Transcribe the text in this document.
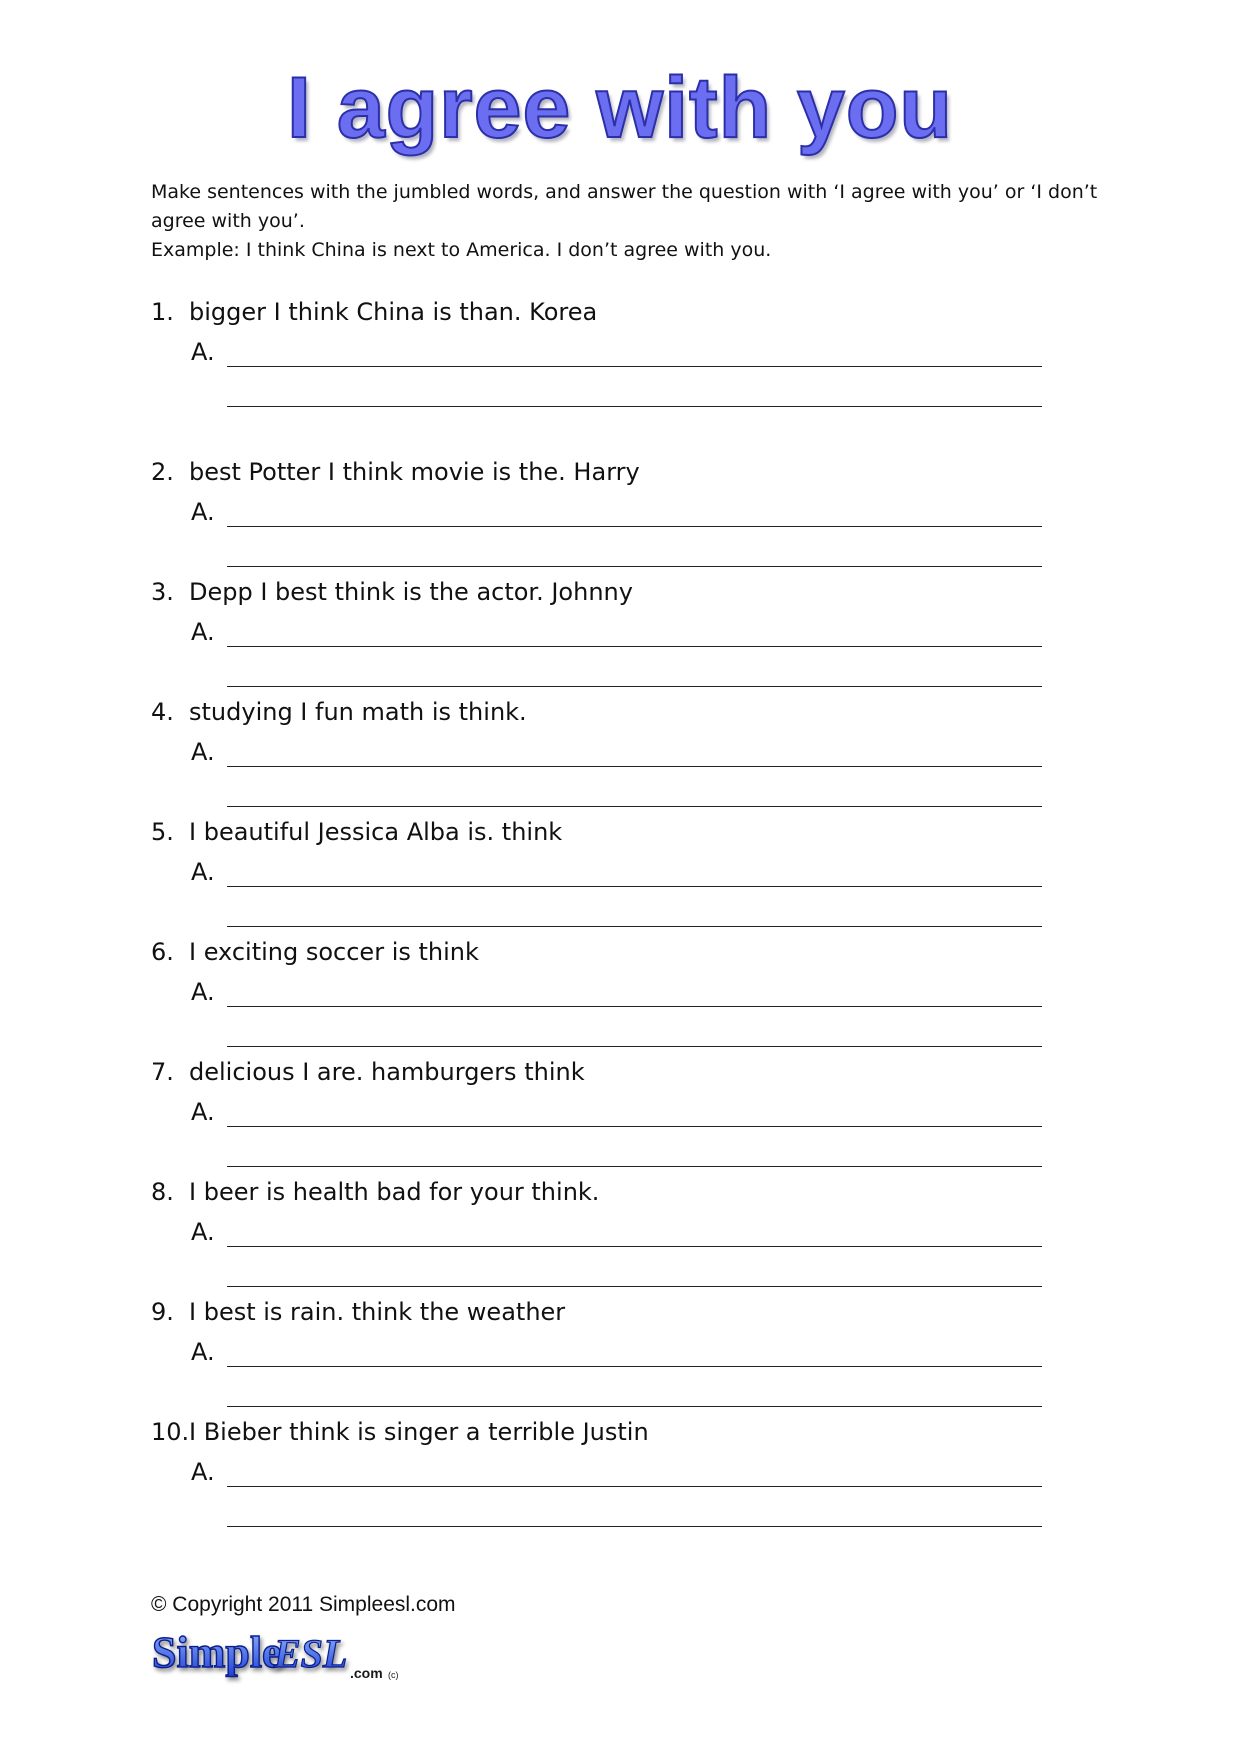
I agree with you

Make sentences with the jumbled words, and answer the question with ‘I agree with you’ or ‘I don’t agree with you’.

Example: I think China is next to America. I don’t agree with you.

1. bigger I think China is than. Korea
A.
2. best Potter I think movie is the. Harry
A.
3. Depp I best think is the actor. Johnny
A.
4. studying I fun math is think.
A.
5. I beautiful Jessica Alba is. think
A.
6. I exciting soccer is think
A.
7. delicious I are. hamburgers think
A.
8. I beer is health bad for your think.
A.
9. I best is rain. think the weather
A.
10.I Bieber think is singer a terrible Justin
A.
© Copyright 2011 Simpleesl.com
Simple
ESL .com (c)
